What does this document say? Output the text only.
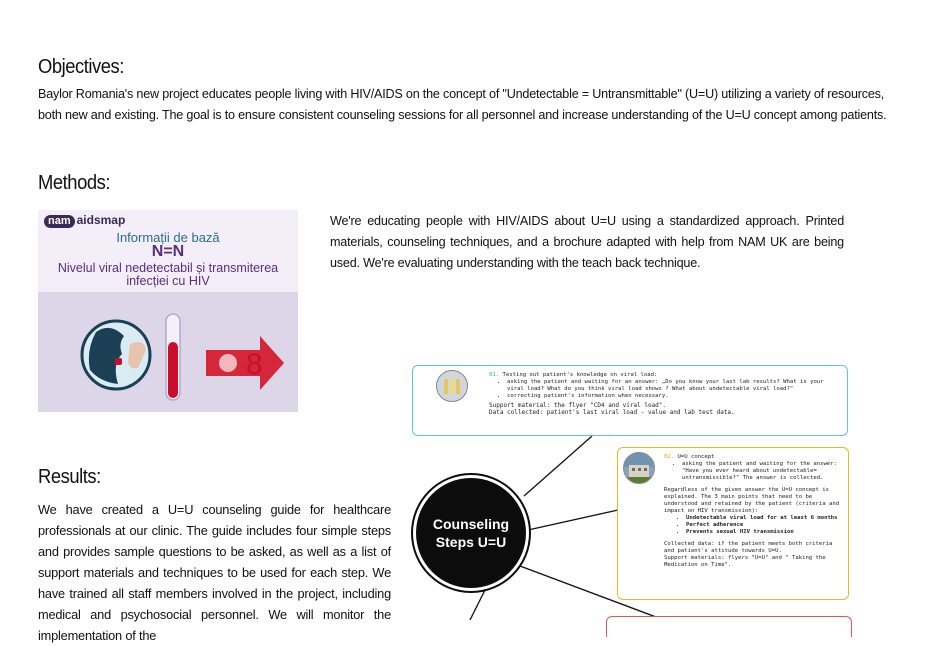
Objectives:
Baylor Romania's new project educates people living with HIV/AIDS on the concept of "Undetectable = Untransmittable" (U=U) utilizing a variety of resources,
both new and existing. The goal is to ensure consistent counseling sessions for all personnel and increase understanding of the U=U concept among patients.
Methods:
We're educating people with HIV/AIDS about U=U using a standardized approach. Printed materials, counseling techniques, and a brochure adapted with help from NAM UK are being used. We're evaluating understanding with the teach back technique.
nam aidsmap
Informații de bază
N=N
Nivelul viral nedetectabil și transmiterea infecției cu HIV
8
Results:
We have created a U=U counseling guide for healthcare professionals at our clinic. The guide includes four simple steps and provides sample questions to be asked, as well as a list of support materials and techniques to be used for each step. We have trained all staff members involved in the project, including medical and psychosocial personnel. We will monitor the implementation of the

01. Testing out patient's knowledge on viral load:

• asking the patient and waiting for an answer: „Do you know your last lab results? What is your viral load? What do you think viral load shows ? What about undetectable viral load?"
• correcting patient's information when necessary.

Support material: the flyer "CD4 and viral load".

Data collected: patient's last viral load - value and lab test data.

02. U=U concept

• asking the patient and waiting for the answer: "Have you ever heard about undetectable= untransmissible?" The answer is collected.

Regardless of the given answer the U=U concept is explained. The 3 main points that need to be understood and retained by the patient (criteria and impact on HIV transmission):

• Undetectable viral load for at least 6 months
• Perfect adherence
• Prevents sexual HIV transmission

Collected data: if the patient meets both criteria and patient's attitude towards U=U.

Support materials: flyers "U=U" and " Taking the Medication on Time".

Counseling
Steps U=U
